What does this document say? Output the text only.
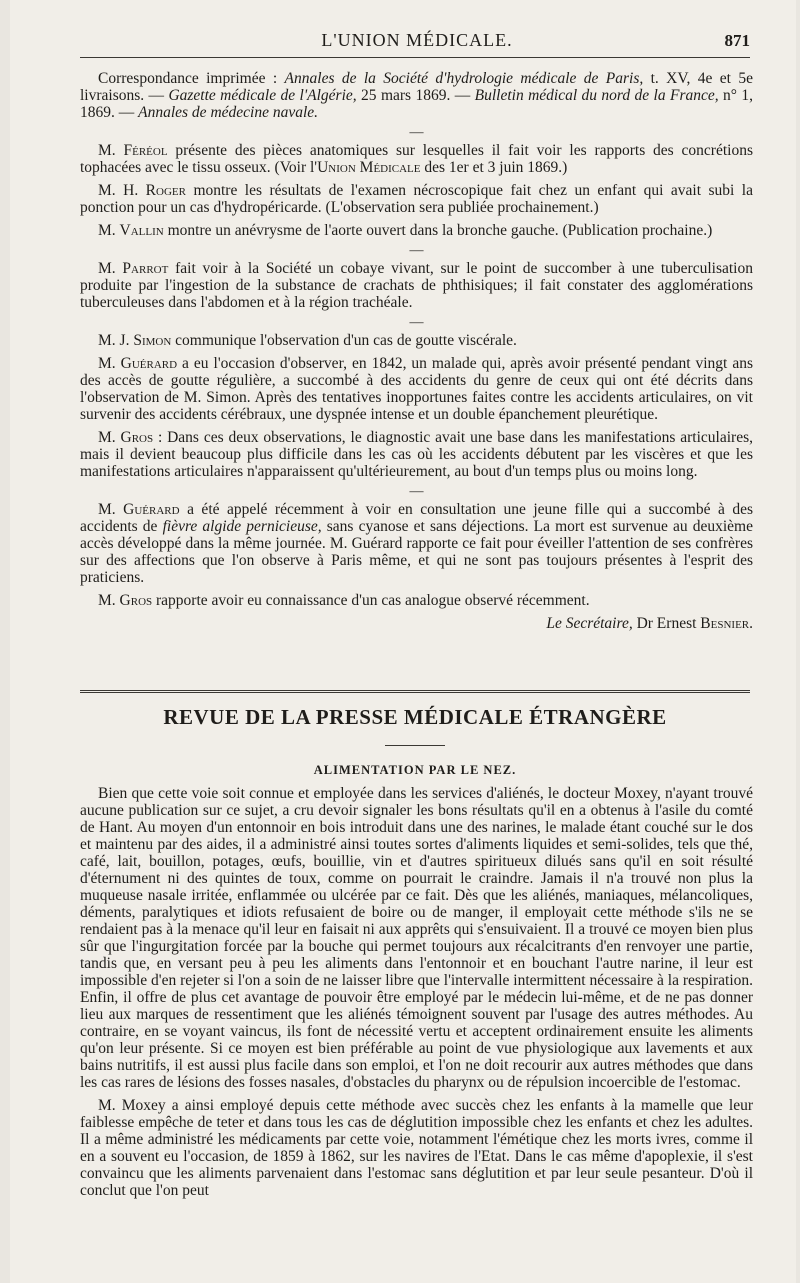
L'UNION MÉDICALE.	871

Correspondance imprimée : Annales de la Société d'hydrologie médicale de Paris, t. XV, 4e et 5e livraisons. — Gazette médicale de l'Algérie, 25 mars 1869. — Bulletin médical du nord de la France, n° 1, 1869. — Annales de médecine navale.

—

M. Féréol présente des pièces anatomiques sur lesquelles il fait voir les rapports des concrétions tophacées avec le tissu osseux. (Voir l'Union Médicale des 1er et 3 juin 1869.)

M. H. Roger montre les résultats de l'examen nécroscopique fait chez un enfant qui avait subi la ponction pour un cas d'hydropéricarde. (L'observation sera publiée prochainement.)

M. Vallin montre un anévrysme de l'aorte ouvert dans la bronche gauche. (Publication prochaine.)

—

M. Parrot fait voir à la Société un cobaye vivant, sur le point de succomber à une tuberculisation produite par l'ingestion de la substance de crachats de phthisiques; il fait constater des agglomérations tuberculeuses dans l'abdomen et à la région trachéale.

—

M. J. Simon communique l'observation d'un cas de goutte viscérale.

M. Guérard a eu l'occasion d'observer, en 1842, un malade qui, après avoir présenté pendant vingt ans des accès de goutte régulière, a succombé à des accidents du genre de ceux qui ont été décrits dans l'observation de M. Simon. Après des tentatives inopportunes faites contre les accidents articulaires, on vit survenir des accidents cérébraux, une dyspnée intense et un double épanchement pleurétique.

M. Gros : Dans ces deux observations, le diagnostic avait une base dans les manifestations articulaires, mais il devient beaucoup plus difficile dans les cas où les accidents débutent par les viscères et que les manifestations articulaires n'apparaissent qu'ultérieurement, au bout d'un temps plus ou moins long.

—

M. Guérard a été appelé récemment à voir en consultation une jeune fille qui a succombé à des accidents de fièvre algide pernicieuse, sans cyanose et sans déjections. La mort est survenue au deuxième accès développé dans la même journée. M. Guérard rapporte ce fait pour éveiller l'attention de ses confrères sur des affections que l'on observe à Paris même, et qui ne sont pas toujours présentes à l'esprit des praticiens.

M. Gros rapporte avoir eu connaissance d'un cas analogue observé récemment.

Le Secrétaire, Dr Ernest Besnier.

REVUE DE LA PRESSE MÉDICALE ÉTRANGÈRE
ALIMENTATION PAR LE NEZ.

Bien que cette voie soit connue et employée dans les services d'aliénés, le docteur Moxey, n'ayant trouvé aucune publication sur ce sujet, a cru devoir signaler les bons résultats qu'il en a obtenus à l'asile du comté de Hant. Au moyen d'un entonnoir en bois introduit dans une des narines, le malade étant couché sur le dos et maintenu par des aides, il a administré ainsi toutes sortes d'aliments liquides et semi-solides, tels que thé, café, lait, bouillon, potages, œufs, bouillie, vin et d'autres spiritueux dilués sans qu'il en soit résulté d'éternument ni des quintes de toux, comme on pourrait le craindre. Jamais il n'a trouvé non plus la muqueuse nasale irritée, enflammée ou ulcérée par ce fait. Dès que les aliénés, maniaques, mélancoliques, déments, paralytiques et idiots refusaient de boire ou de manger, il employait cette méthode s'ils ne se rendaient pas à la menace qu'il leur en faisait ni aux apprêts qui s'ensuivaient. Il a trouvé ce moyen bien plus sûr que l'ingurgitation forcée par la bouche qui permet toujours aux récalcitrants d'en renvoyer une partie, tandis que, en versant peu à peu les aliments dans l'entonnoir et en bouchant l'autre narine, il leur est impossible d'en rejeter si l'on a soin de ne laisser libre que l'intervalle intermittent nécessaire à la respiration. Enfin, il offre de plus cet avantage de pouvoir être employé par le médecin lui-même, et de ne pas donner lieu aux marques de ressentiment que les aliénés témoignent souvent par l'usage des autres méthodes. Au contraire, en se voyant vaincus, ils font de nécessité vertu et acceptent ordinairement ensuite les aliments qu'on leur présente. Si ce moyen est bien préférable au point de vue physiologique aux lavements et aux bains nutritifs, il est aussi plus facile dans son emploi, et l'on ne doit recourir aux autres méthodes que dans les cas rares de lésions des fosses nasales, d'obstacles du pharynx ou de répulsion incoercible de l'estomac.

M. Moxey a ainsi employé depuis cette méthode avec succès chez les enfants à la mamelle que leur faiblesse empêche de teter et dans tous les cas de déglutition impossible chez les enfants et chez les adultes. Il a même administré les médicaments par cette voie, notamment l'émétique chez les morts ivres, comme il en a souvent eu l'occasion, de 1859 à 1862, sur les navires de l'Etat. Dans le cas même d'apoplexie, il s'est convaincu que les aliments parvenaient dans l'estomac sans déglutition et par leur seule pesanteur. D'où il conclut que l'on peut
